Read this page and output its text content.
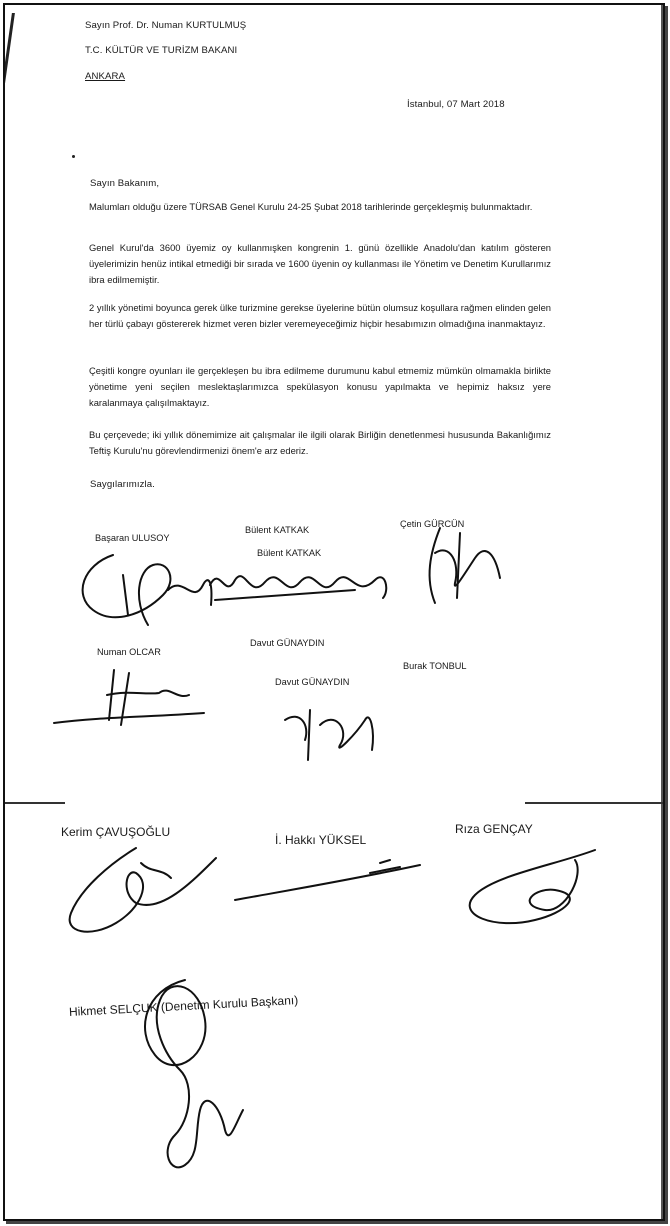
Sayın Prof. Dr. Numan KURTULMUŞ
T.C. KÜLTÜR VE TURİZM BAKANI
ANKARA
İstanbul, 07 Mart 2018
Sayın Bakanım,
Malumları olduğu üzere TÜRSAB Genel Kurulu 24-25 Şubat 2018 tarihlerinde gerçekleşmiş bulunmaktadır.
Genel Kurul'da 3600 üyemiz oy kullanmışken kongrenin 1. günü özellikle Anadolu'dan katılım gösteren üyelerimizin henüz intikal etmediği bir sırada ve 1600 üyenin oy kullanması ile Yönetim ve Denetim Kurullarımız ibra edilmemiştir.
2 yıllık yönetimi boyunca gerek ülke turizmine gerekse üyelerine bütün olumsuz koşullara rağmen elinden gelen her türlü çabayı göstererek hizmet veren bizler veremeyeceğimiz hiçbir hesabımızın olmadığına inanmaktayız.
Çeşitli kongre oyunları ile gerçekleşen bu ibra edilmeme durumunu kabul etmemiz mümkün olmamakla birlikte yönetime yeni seçilen meslektaşlarımızca spekülasyon konusu yapılmakta ve hepimiz haksız yere karalanmaya çalışılmaktayız.
Bu çerçevede; iki yıllık dönemimize ait çalışmalar ile ilgili olarak Birliğin denetlenmesi hususunda Bakanlığımız Teftiş Kurulu'nu görevlendirmenizi önem'e arz ederiz.
Saygılarımızla.
Başaran ULUSOY
Bülent KATKAK
Bülent KATKAK
Çetin GÜRCÜN
Numan OLCAR
Davut GÜNAYDIN
Burak TONBUL
Davut GÜNAYDIN
Kerim ÇAVUŞOĞLU
İ. Hakkı YÜKSEL
Rıza GENÇAY
Hikmet SELÇUK (Denetim Kurulu Başkanı)
